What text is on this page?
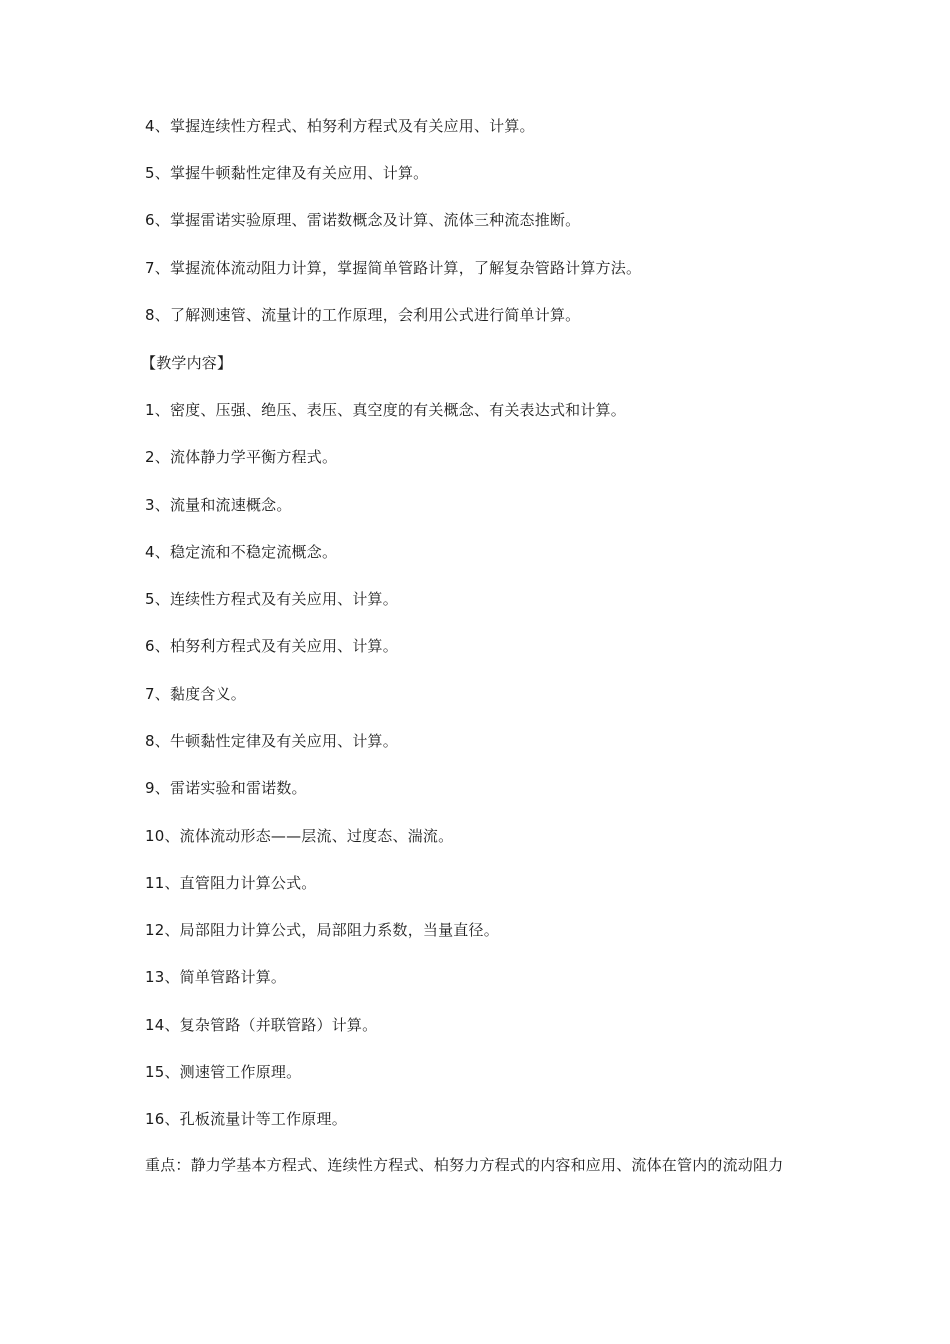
4、掌握连续性方程式、柏努利方程式及有关应用、计算。
5、掌握牛顿黏性定律及有关应用、计算。
6、掌握雷诺实验原理、雷诺数概念及计算、流体三种流态推断。
7、掌握流体流动阻力计算，掌握简单管路计算，了解复杂管路计算方法。
8、了解测速管、流量计的工作原理，会利用公式进行简单计算。
【教学内容】
1、密度、压强、绝压、表压、真空度的有关概念、有关表达式和计算。
2、流体静力学平衡方程式。
3、流量和流速概念。
4、稳定流和不稳定流概念。
5、连续性方程式及有关应用、计算。
6、柏努利方程式及有关应用、计算。
7、黏度含义。
8、牛顿黏性定律及有关应用、计算。
9、雷诺实验和雷诺数。
10、流体流动形态——层流、过度态、湍流。
11、直管阻力计算公式。
12、局部阻力计算公式，局部阻力系数，当量直径。
13、简单管路计算。
14、复杂管路（并联管路）计算。
15、测速管工作原理。
16、孔板流量计等工作原理。
重点：静力学基本方程式、连续性方程式、柏努力方程式的内容和应用、流体在管内的流动阻力
